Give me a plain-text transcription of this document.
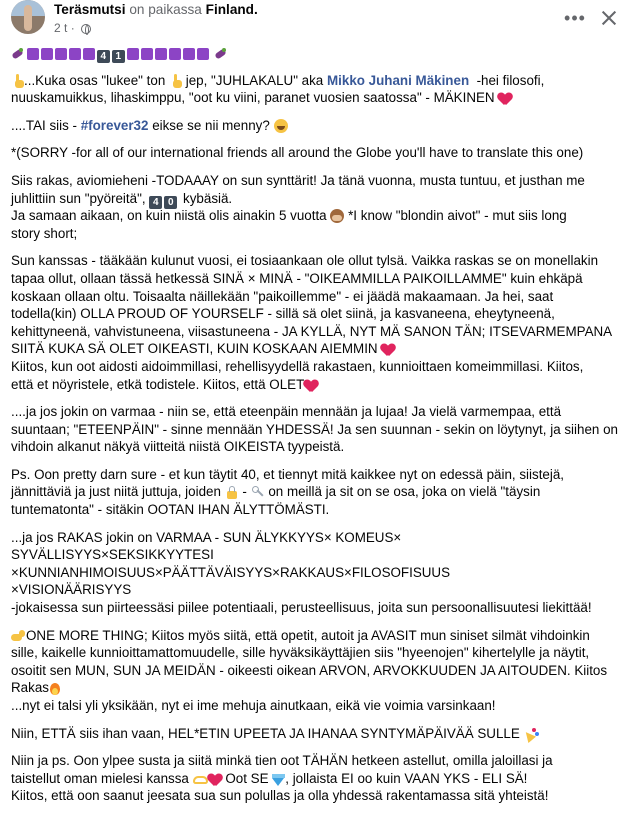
Teräsmutsi on paikassa Finland.
2 t ·	•••
4 1
...Kuka osas "lukee" ton jep, "JUHLAKALU" aka Mikko Juhani Mäkinen -hei filosofi,
nuuskamuikkus, lihaskimppu, "oot ku viini, paranet vuosien saatossa" - MÄKINEN
....TAI siis - #forever32 eikse se nii menny?
*(SORRY -for all of our international friends all around the Globe you'll have to translate this one)
Siis rakas, aviomieheni -TODAAAY on sun synttärit! Ja tänä vuonna, musta tuntuu, et justhan me
juhlittiin sun "pyöreitä", 4 0 kybäsiä.
Ja samaan aikaan, on kuin niistä olis ainakin 5 vuotta *I know "blondin aivot" - mut siis long
story short;
Sun kanssas - tääkään kulunut vuosi, ei tosiaankaan ole ollut tylsä. Vaikka raskas se on monellakin
tapaa ollut, ollaan tässä hetkessä SINÄ × MINÄ - "OIKEAMMILLA PAIKOILLAMME" kuin ehkäpä
koskaan ollaan oltu. Toisaalta näillekään "paikoillemme" - ei jäädä makaamaan. Ja hei, saat
todella(kin) OLLA PROUD OF YOURSELF - sillä sä olet siinä, ja kasvaneena, eheytyneenä,
kehittyneenä, vahvistuneena, viisastuneena - JA KYLLÄ, NYT MÄ SANON TÄN; ITSEVARMEMPANA
SIITÄ KUKA SÄ OLET OIKEASTI, KUIN KOSKAAN AIEMMIN
Kiitos, kun oot aidosti aidoimmillasi, rehellisyydellä rakastaen, kunnioittaen komeimmillasi. Kiitos,
että et nöyristele, etkä todistele. Kiitos, että OLET
....ja jos jokin on varmaa - niin se, että eteenpäin mennään ja lujaa! Ja vielä varmempaa, että
suuntaan; "ETEENPÄIN" - sinne mennään YHDESSÄ! Ja sen suunnan - sekin on löytynyt, ja siihen on
vihdoin alkanut näkyä viitteitä niistä OIKEISTA tyypeistä.
Ps. Oon pretty darn sure - et kun täytit 40, et tiennyt mitä kaikkee nyt on edessä päin, siistejä,
jännittäviä ja just niitä juttuja, joiden - on meillä ja sit on se osa, joka on vielä "täysin
tuntematonta" - sitäkin OOTAN IHAN ÄLYTTÖMÄSTI.
...ja jos RAKAS jokin on VARMAA - SUN ÄLYKKYYS× KOMEUS×
SYVÄLLISYYS×SEKSIKKYYTESI
×KUNNIANHIMOISUUS×PÄÄTTÄVÄISYYS×RAKKAUS×FILOSOFISUUS
×VISIONÄÄRISYYS
-jokaisessa sun piirteessäsi piilee potentiaali, perusteellisuus, joita sun persoonallisuutesi liekittää!
ONE MORE THING; Kiitos myös siitä, että opetit, autoit ja AVASIT mun siniset silmät vihdoinkin
sille, kaikelle kunnioittamattomuudelle, sille hyväksikäyttäjien siis "hyeenojen" kihertelylle ja näytit,
osoitit sen MUN, SUN JA MEIDÄN - oikeesti oikean ARVON, ARVOKKUUDEN JA AITOUDEN. Kiitos
Rakas
...nyt ei talsi yli yksikään, nyt ei ime mehuja ainutkaan, eikä vie voimia varsinkaan!
Niin, ETTÄ siis ihan vaan, HEL*ETIN UPEETA JA IHANAA SYNTYMÄPÄIVÄÄ SULLE
Niin ja ps. Oon ylpee susta ja siitä minkä tien oot TÄHÄN hetkeen astellut, omilla jaloillasi ja
taistellut oman mielesi kanssa	Oot SE , jollaista EI oo kuin VAAN YKS - ELI SÄ!
Kiitos, että oon saanut jeesata sua sun polullas ja olla yhdessä rakentamassa sitä yhteistä!
